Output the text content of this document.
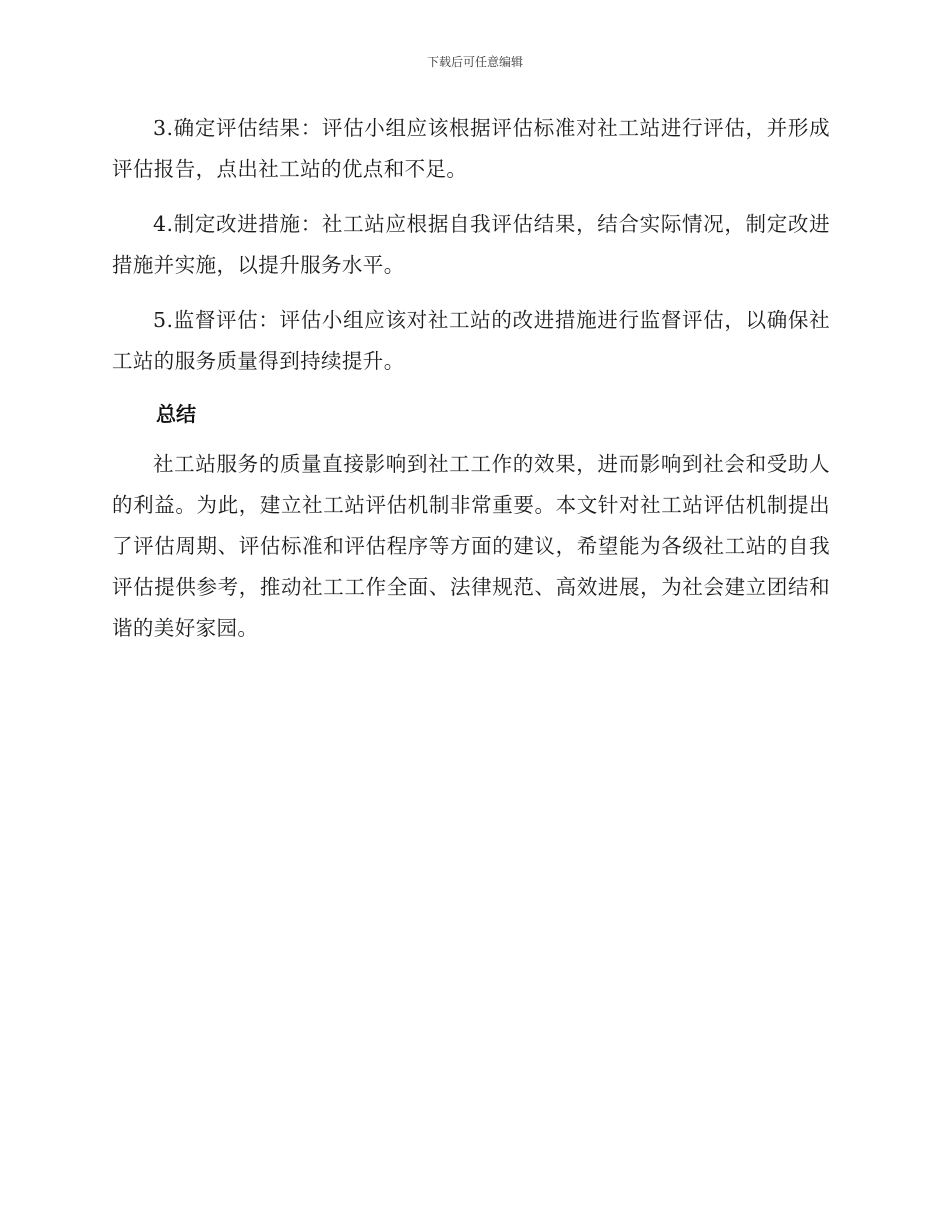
下载后可任意编辑

3.确定评估结果：评估小组应该根据评估标准对社工站进行评估，并形成评估报告，点出社工站的优点和不足。

4.制定改进措施：社工站应根据自我评估结果，结合实际情况，制定改进措施并实施，以提升服务水平。

5.监督评估：评估小组应该对社工站的改进措施进行监督评估，以确保社工站的服务质量得到持续提升。

总结

社工站服务的质量直接影响到社工工作的效果，进而影响到社会和受助人的利益。为此，建立社工站评估机制非常重要。本文针对社工站评估机制提出了评估周期、评估标准和评估程序等方面的建议，希望能为各级社工站的自我评估提供参考，推动社工工作全面、法律规范、高效进展，为社会建立团结和谐的美好家园。
